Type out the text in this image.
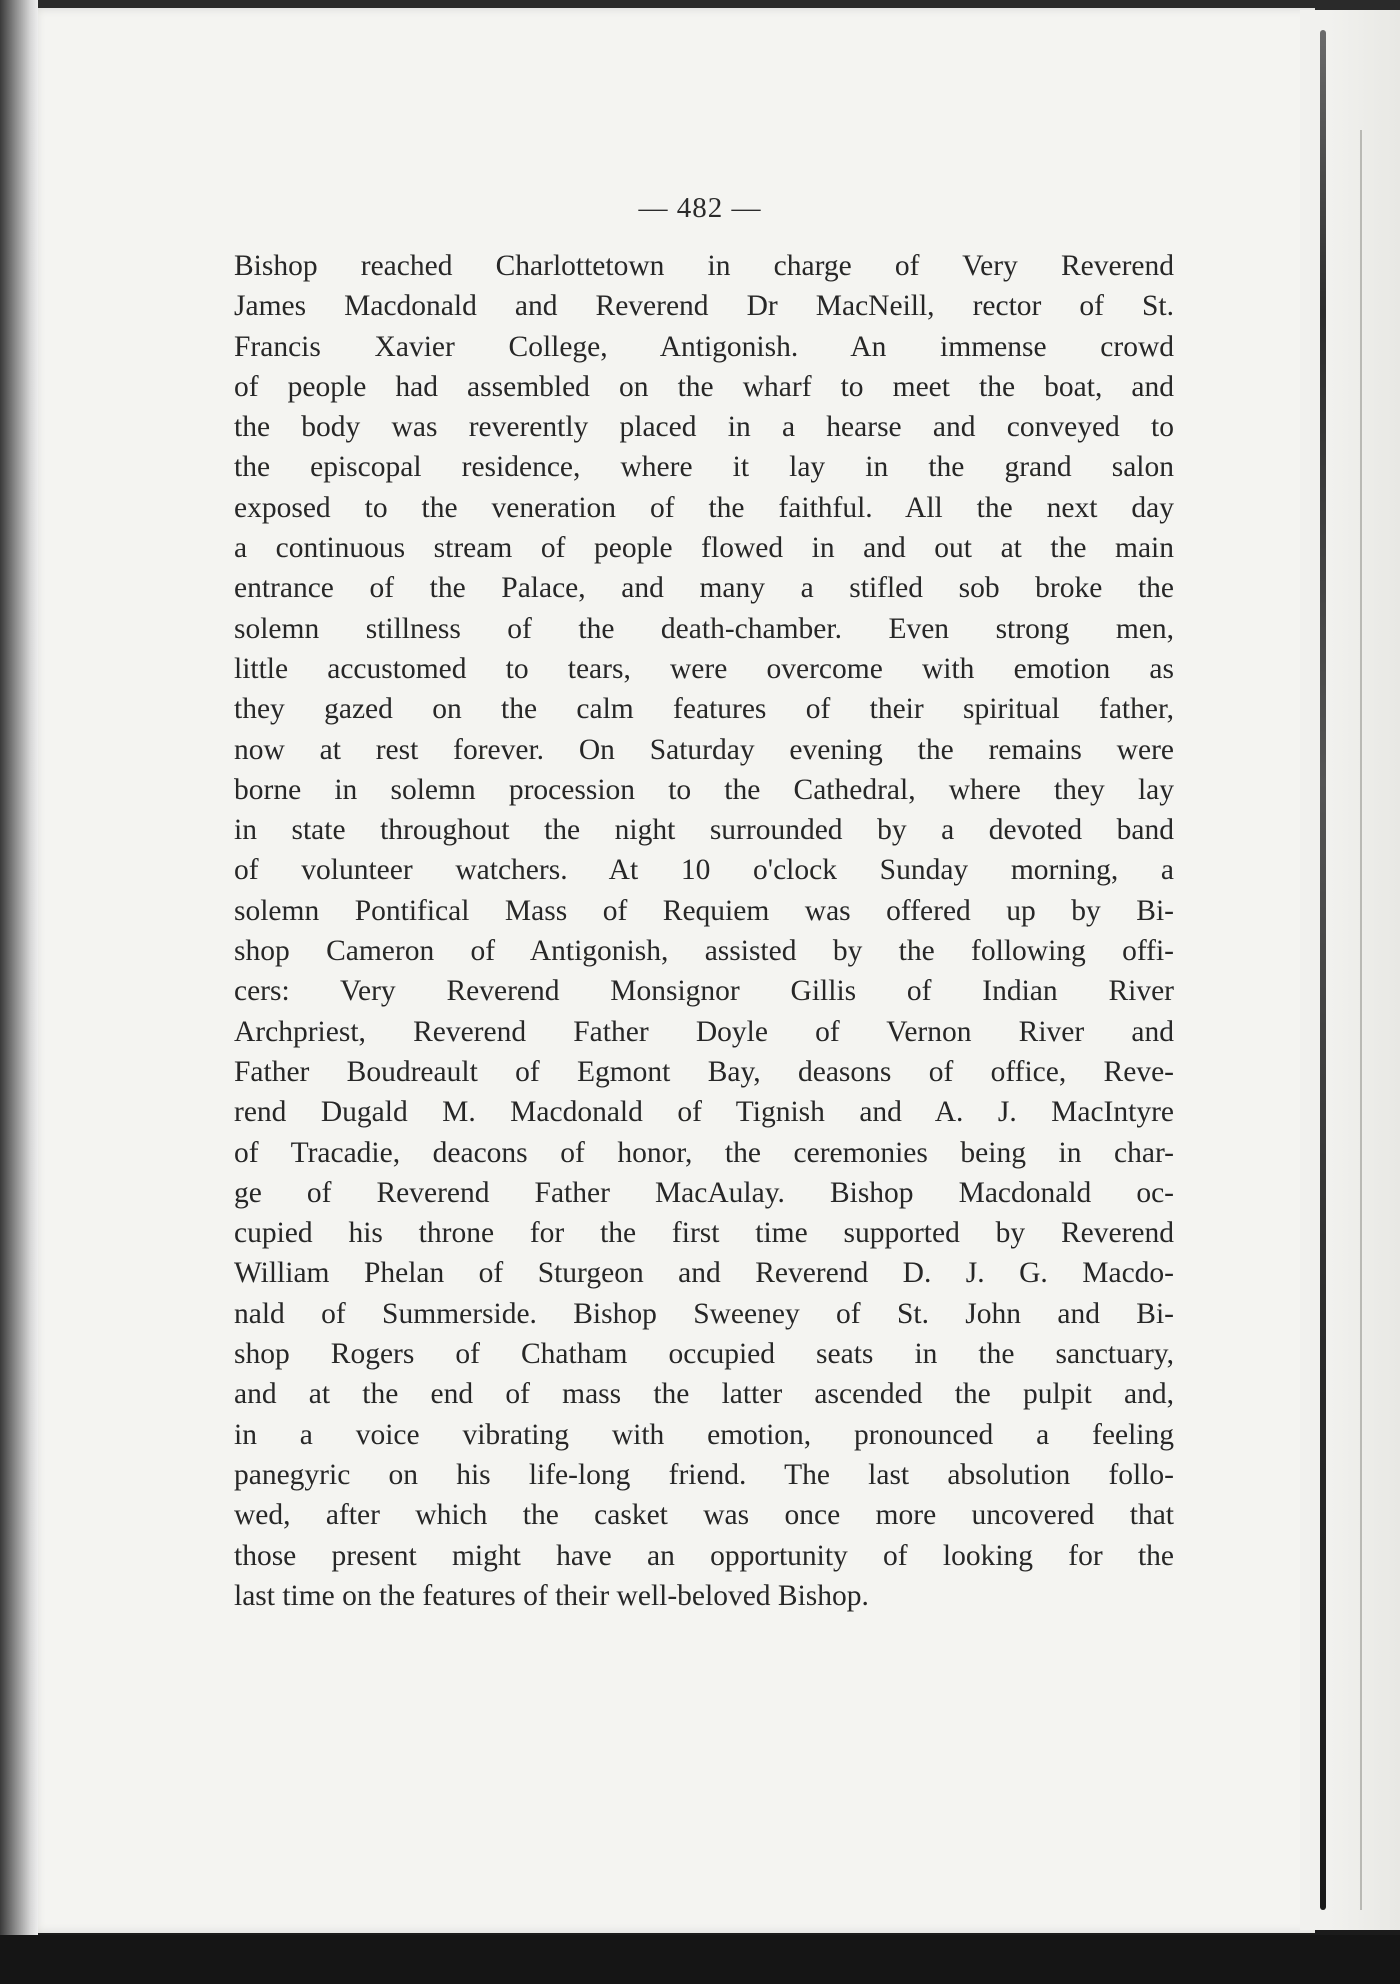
— 482 —
Bishop reached Charlottetown in charge of Very Reverend
James Macdonald and Reverend Dr MacNeill, rector of St.
Francis Xavier College, Antigonish. An immense crowd
of people had assembled on the wharf to meet the boat, and
the body was reverently placed in a hearse and conveyed to
the episcopal residence, where it lay in the grand salon
exposed to the veneration of the faithful. All the next day
a continuous stream of people flowed in and out at the main
entrance of the Palace, and many a stifled sob broke the
solemn stillness of the death-chamber. Even strong men,
little accustomed to tears, were overcome with emotion as
they gazed on the calm features of their spiritual father,
now at rest forever. On Saturday evening the remains were
borne in solemn procession to the Cathedral, where they lay
in state throughout the night surrounded by a devoted band
of volunteer watchers. At 10 o'clock Sunday morning, a
solemn Pontifical Mass of Requiem was offered up by Bi-
shop Cameron of Antigonish, assisted by the following offi-
cers: Very Reverend Monsignor Gillis of Indian River
Archpriest, Reverend Father Doyle of Vernon River and
Father Boudreault of Egmont Bay, deasons of office, Reve-
rend Dugald M. Macdonald of Tignish and A. J. MacIntyre
of Tracadie, deacons of honor, the ceremonies being in char-
ge of Reverend Father MacAulay. Bishop Macdonald oc-
cupied his throne for the first time supported by Reverend
William Phelan of Sturgeon and Reverend D. J. G. Macdo-
nald of Summerside. Bishop Sweeney of St. John and Bi-
shop Rogers of Chatham occupied seats in the sanctuary,
and at the end of mass the latter ascended the pulpit and,
in a voice vibrating with emotion, pronounced a feeling
panegyric on his life-long friend. The last absolution follo-
wed, after which the casket was once more uncovered that
those present might have an opportunity of looking for the
last time on the features of their well-beloved Bishop.
